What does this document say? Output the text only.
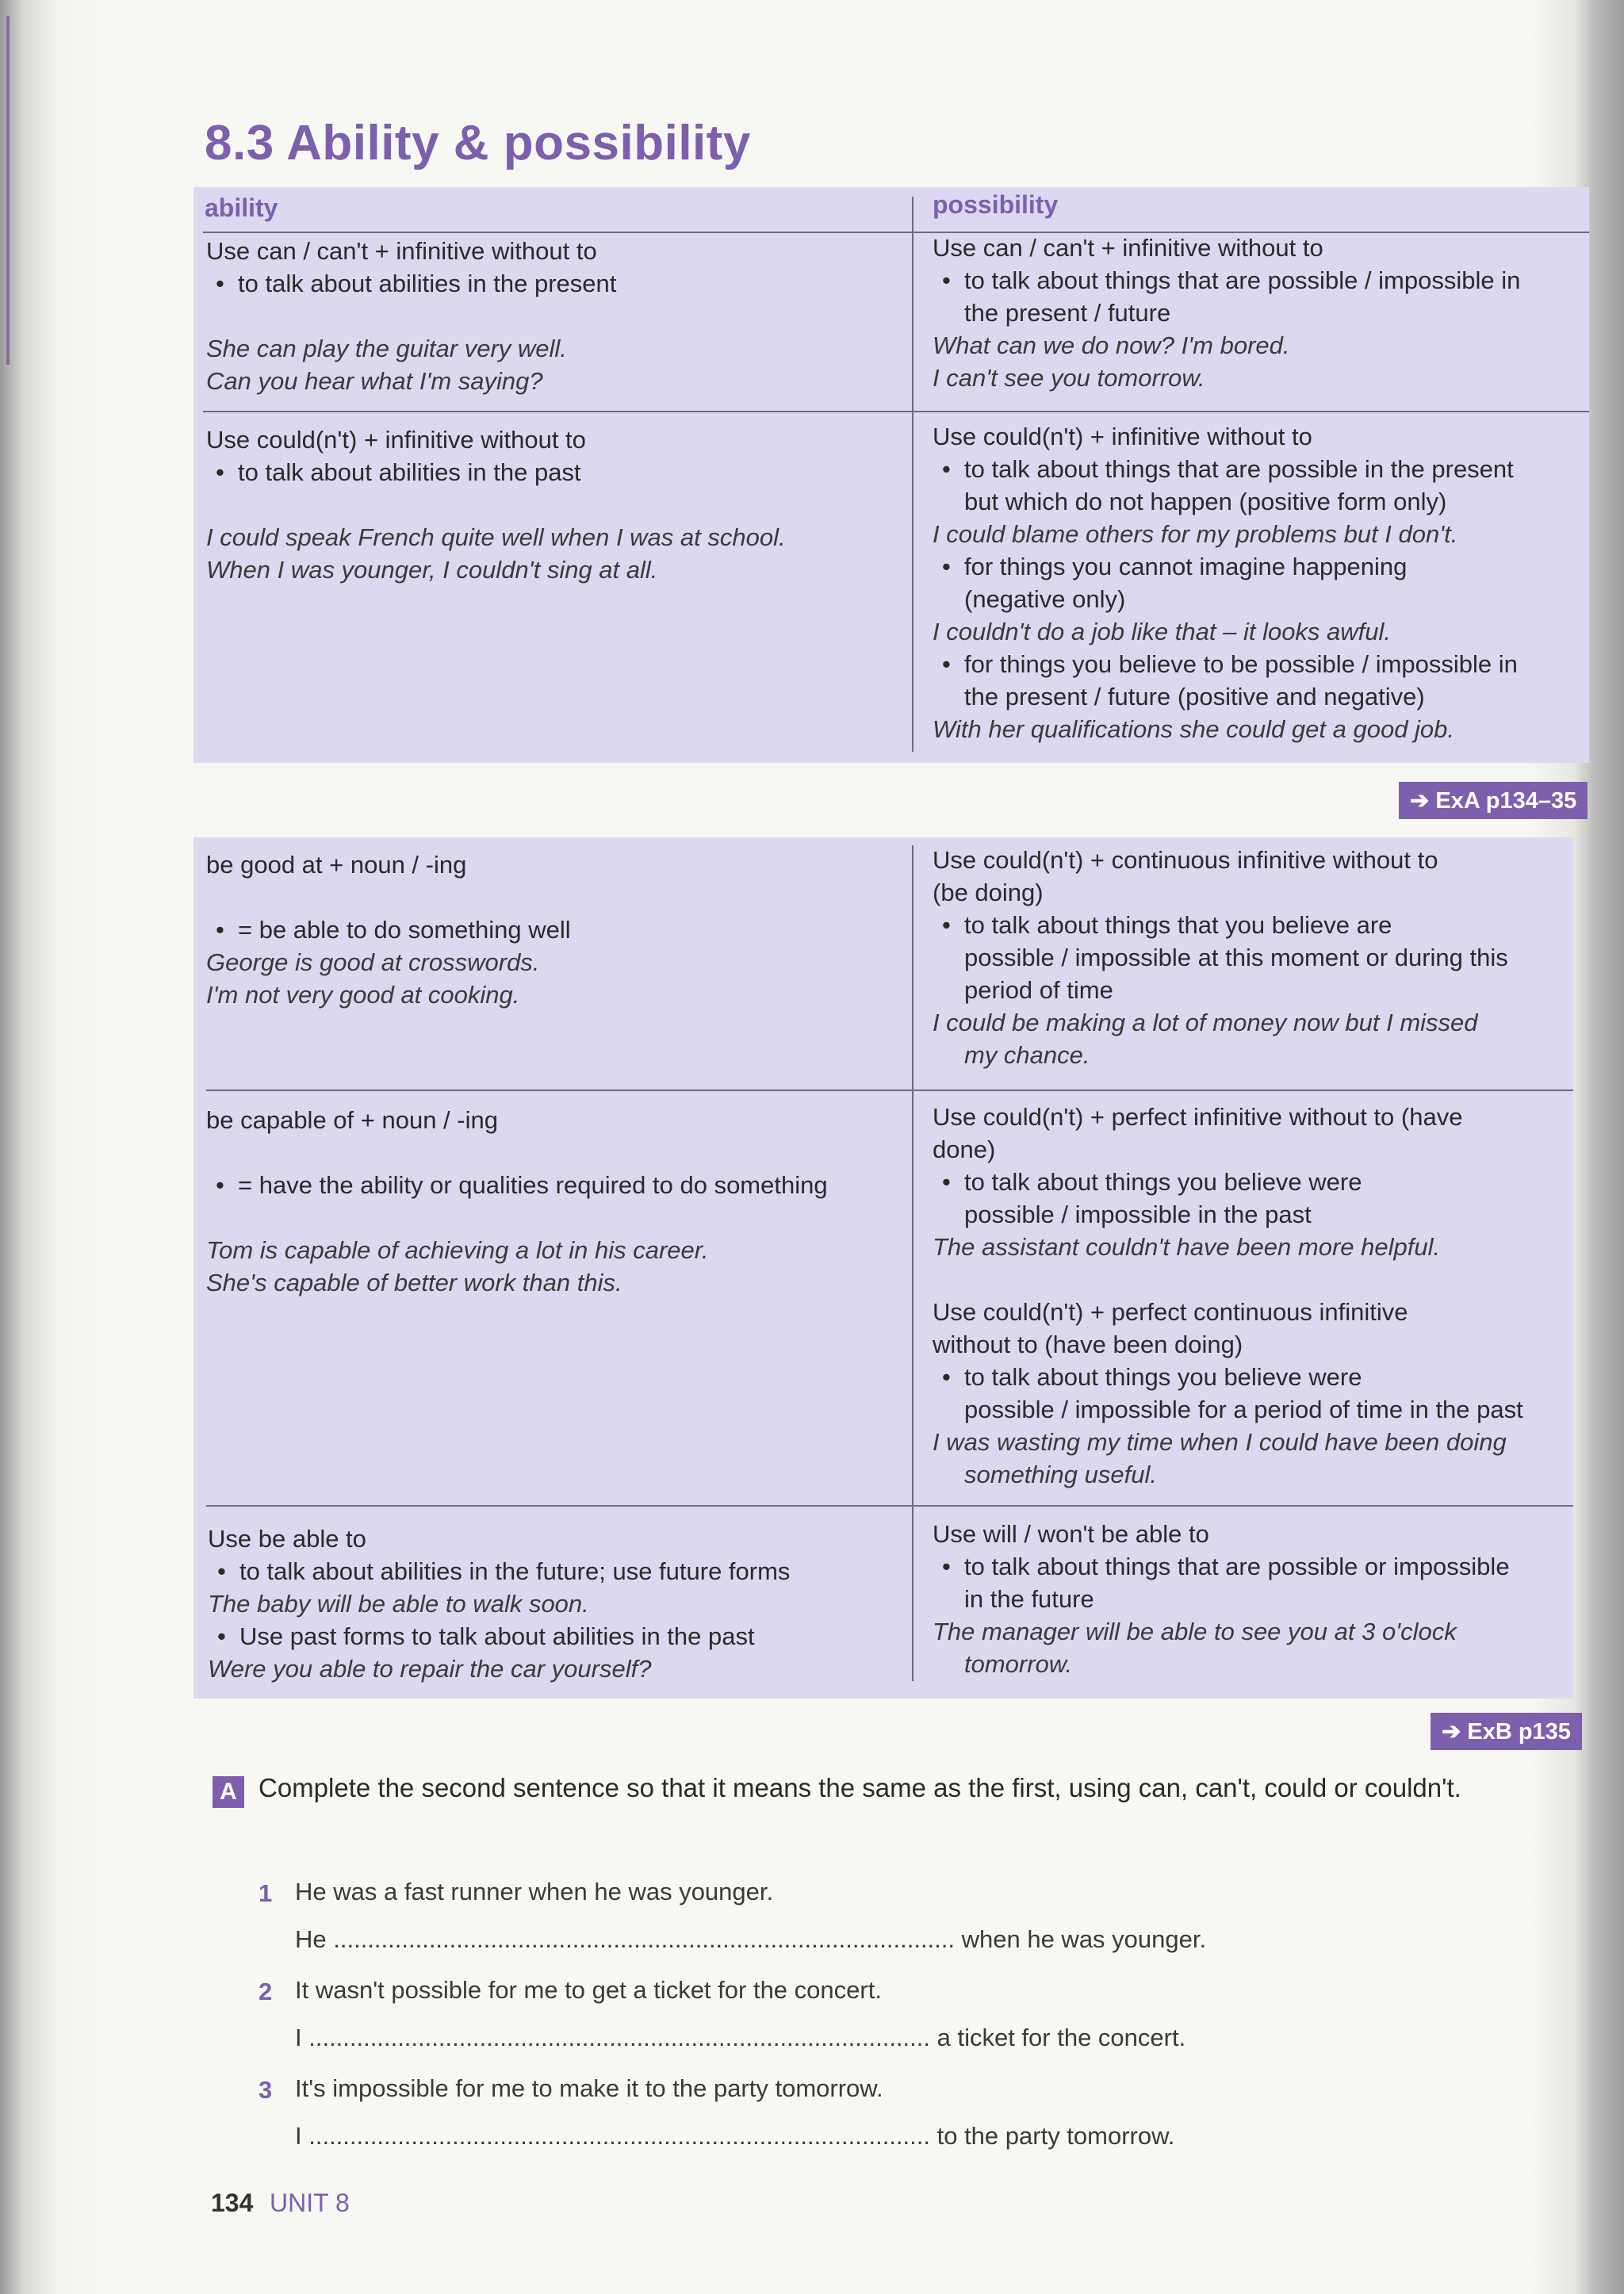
8.3 Ability & possibility
ability	possibility

Use can / can't + infinitive without to

• to talk about abilities in the present

She can play the guitar very well.

Can you hear what I'm saying?

Use can / can't + infinitive without to

• to talk about things that are possible / impossible in

the present / future

What can we do now? I'm bored.

I can't see you tomorrow.

Use could(n't) + infinitive without to

• to talk about abilities in the past

I could speak French quite well when I was at school.

When I was younger, I couldn't sing at all.

Use could(n't) + infinitive without to

• to talk about things that are possible in the present

but which do not happen (positive form only)

I could blame others for my problems but I don't.

• for things you cannot imagine happening

(negative only)

I couldn't do a job like that – it looks awful.

• for things you believe to be possible / impossible in

the present / future (positive and negative)

With her qualifications she could get a good job.

➔ ExA p134–35

be good at + noun / -ing

• = be able to do something well

George is good at crosswords.

I'm not very good at cooking.

Use could(n't) + continuous infinitive without to

(be doing)

• to talk about things that you believe are

possible / impossible at this moment or during this

period of time

I could be making a lot of money now but I missed

my chance.

be capable of + noun / -ing

• = have the ability or qualities required to do something

Tom is capable of achieving a lot in his career.

She's capable of better work than this.

Use could(n't) + perfect infinitive without to (have

done)

• to talk about things you believe were

possible / impossible in the past

The assistant couldn't have been more helpful.

Use could(n't) + perfect continuous infinitive

without to (have been doing)

• to talk about things you believe were

possible / impossible for a period of time in the past

I was wasting my time when I could have been doing

something useful.

Use be able to

• to talk about abilities in the future; use future forms

The baby will be able to walk soon.

• Use past forms to talk about abilities in the past

Were you able to repair the car yourself?

Use will / won't be able to

• to talk about things that are possible or impossible

in the future

The manager will be able to see you at 3 o'clock

tomorrow.

➔ ExB p135
A Complete the second sentence so that it means the same as the first, using can, can't, could or couldn't.

1 He was a fast runner when he was younger.
He ........................................................................................... when he was younger.
2 It wasn't possible for me to get a ticket for the concert.
I ........................................................................................... a ticket for the concert.
3 It's impossible for me to make it to the party tomorrow.
I ........................................................................................... to the party tomorrow.
134 UNIT 8
